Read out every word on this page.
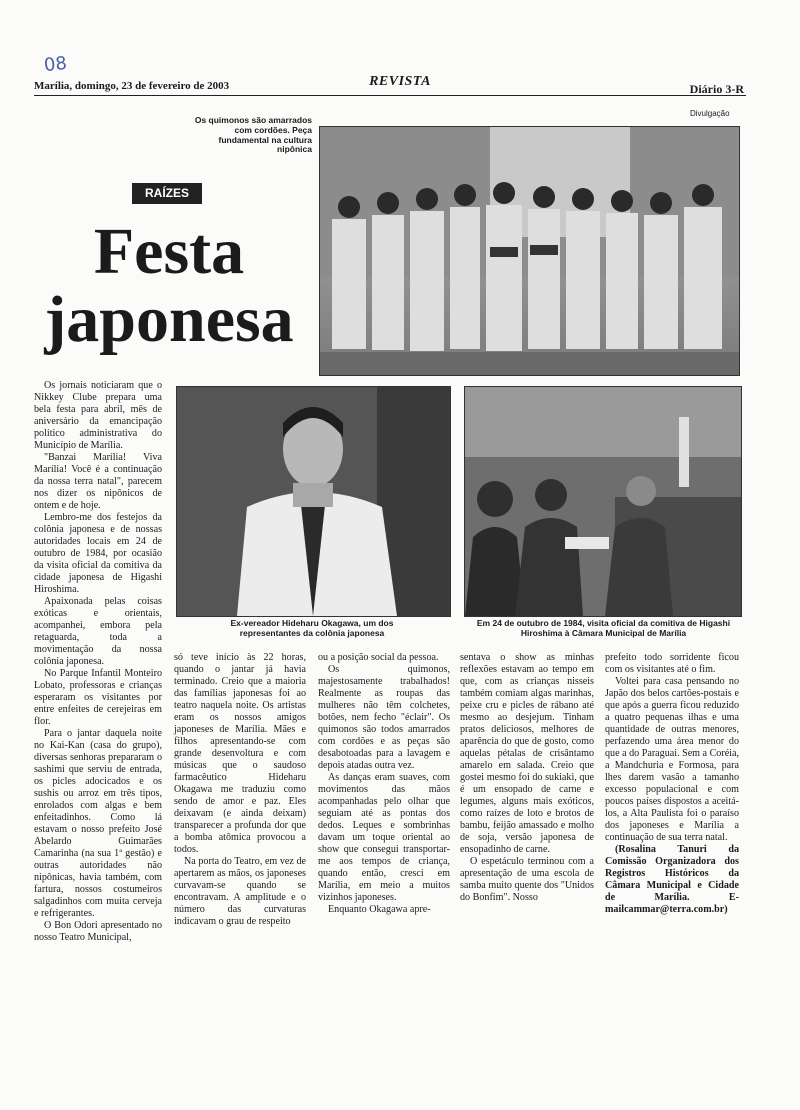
08
Marília, domingo, 23 de fevereiro de 2003	REVISTA	Diário 3-R
Divulgação
Os quimonos são amarrados com cordões. Peça fundamental na cultura nipônica
RAÍZES
Festa
japonesa
Ex-vereador Hideharu Okagawa, um dos representantes da colônia japonesa
Em 24 de outubro de 1984, visita oficial da comitiva de Higashi Hiroshima à Câmara Municipal de Marília

Os jornais noticiaram que o Nikkey Clube prepara uma bela festa para abril, mês de aniversário da emancipação político administrativa do Município de Marília.

"Banzai Marília! Viva Marília! Você é a continuação da nossa terra natal", parecem nos dizer os nipônicos de ontem e de hoje.

Lembro-me dos festejos da colônia japonesa e de nossas autoridades locais em 24 de outubro de 1984, por ocasião da visita oficial da comitiva da cidade japonesa de Higashi Hiroshima.

Apaixonada pelas coisas exóticas e orientais, acompanhei, embora pela retaguarda, toda a movimentação da nossa colônia japonesa.

No Parque Infantil Monteiro Lobato, professoras e crianças esperaram os visitantes por entre enfeites de cerejeiras em flor.

Para o jantar daquela noite no Kai-Kan (casa do grupo), diversas senhoras prepararam o sashimi que serviu de entrada, os picles adocicados e os sushis ou arroz em três tipos, enrolados com algas e bem enfeitadinhos. Como lá estavam o nosso prefeito José Abelardo Guimarães Camarinha (na sua 1ª gestão) e outras autoridades não nipônicas, havia também, com fartura, nossos costumeiros salgadinhos com muita cerveja e refrigerantes.

O Bon Odori apresentado no nosso Teatro Municipal,

só teve início às 22 horas, quando o jantar já havia terminado. Creio que a maioria das famílias japonesas foi ao teatro naquela noite. Os artistas eram os nossos amigos japoneses de Marília. Mães e filhos apresentando-se com grande desenvoltura e com músicas que o saudoso farmacêutico Hideharu Okagawa me traduziu como sendo de amor e paz. Eles deixavam (e ainda deixam) transparecer a profunda dor que a bomba atômica provocou a todos.

Na porta do Teatro, em vez de apertarem as mãos, os japoneses curvavam-se quando se encontravam. A amplitude e o número das curvaturas indicavam o grau de respeito

ou a posição social da pessoa.

Os quimonos, majestosamente trabalhados! Realmente as roupas das mulheres não têm colchetes, botões, nem fecho "éclair". Os quimonos são todos amarrados com cordões e as peças são desabotoadas para a lavagem e depois atadas outra vez.

As danças eram suaves, com movimentos das mãos acompanhadas pelo olhar que seguiam até as pontas dos dedos. Leques e sombrinhas davam um toque oriental ao show que consegui transportar-me aos tempos de criança, quando então, cresci em Marília, em meio a muitos vizinhos japoneses.

Enquanto Okagawa apre-

sentava o show as minhas reflexões estavam ao tempo em que, com as crianças nisseis também comiam algas marinhas, peixe cru e picles de rábano até mesmo ao desjejum. Tinham pratos deliciosos, melhores de aparência do que de gosto, como aquelas pétalas de crisântamo amarelo em salada. Creio que gostei mesmo foi do sukiaki, que é um ensopado de carne e legumes, alguns mais exóticos, como raízes de loto e brotos de bambu, feijão amassado e molho de soja, versão japonesa de ensopadinho de carne.

O espetáculo terminou com a apresentação de uma escola de samba muito quente dos "Unidos do Bonfim". Nosso

prefeito todo sorridente ficou com os visitantes até o fim.

Voltei para casa pensando no Japão dos belos cartões-postais e que após a guerra ficou reduzido a quatro pequenas ilhas e uma quantidade de outras menores, perfazendo uma área menor do que a do Paraguai. Sem a Coréia, a Mandchuria e Formosa, para lhes darem vasão a tamanho excesso populacional e com poucos países dispostos a aceitá-los, a Alta Paulista foi o paraíso dos japoneses e Marília a continuação de sua terra natal.

(Rosalina Tanuri da Comissão Organizadora dos Registros Históricos da Câmara Municipal e Cidade de Marília. E-mailcammar@terra.com.br)
